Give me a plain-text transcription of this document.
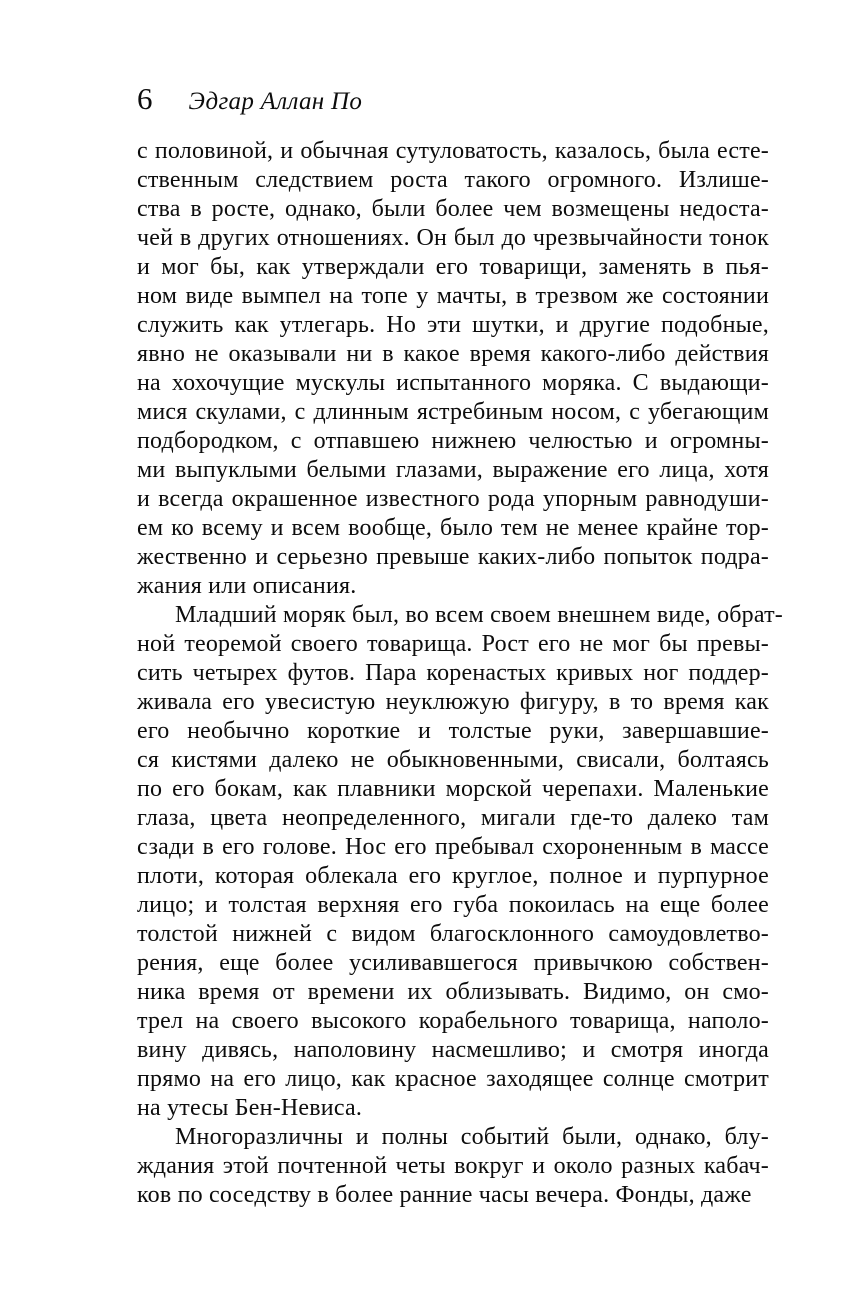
6 Эдгар Аллан По
с половиной, и обычная сутуловатость, казалось, была есте-
ственным следствием роста такого огромного. Излише-
ства в росте, однако, были более чем возмещены недоста-
чей в других отношениях. Он был до чрезвычайности тонок
и мог бы, как утверждали его товарищи, заменять в пья-
ном виде вымпел на топе у мачты, в трезвом же состоянии
служить как утлегарь. Но эти шутки, и другие подобные,
явно не оказывали ни в какое время какого-либо действия
на хохочущие мускулы испытанного моряка. С выдающи-
мися скулами, с длинным ястребиным носом, с убегающим
подбородком, с отпавшею нижнею челюстью и огромны-
ми выпуклыми белыми глазами, выражение его лица, хотя
и всегда окрашенное известного рода упорным равнодуши-
ем ко всему и всем вообще, было тем не менее крайне тор-
жественно и серьезно превыше каких-либо попыток подра-
жания или описания.
Младший моряк был, во всем своем внешнем виде, обрат-
ной теоремой своего товарища. Рост его не мог бы превы-
сить четырех футов. Пара коренастых кривых ног поддер-
живала его увесистую неуклюжую фигуру, в то время как
его необычно короткие и толстые руки, завершавшие-
ся кистями далеко не обыкновенными, свисали, болтаясь
по его бокам, как плавники морской черепахи. Маленькие
глаза, цвета неопределенного, мигали где-то далеко там
сзади в его голове. Нос его пребывал схороненным в массе
плоти, которая облекала его круглое, полное и пурпурное
лицо; и толстая верхняя его губа покоилась на еще более
толстой нижней с видом благосклонного самоудовлетво-
рения, еще более усиливавшегося привычкою собствен-
ника время от времени их облизывать. Видимо, он смо-
трел на своего высокого корабельного товарища, наполо-
вину дивясь, наполовину насмешливо; и смотря иногда
прямо на его лицо, как красное заходящее солнце смотрит
на утесы Бен-Невиса.
Многоразличны и полны событий были, однако, блу-
ждания этой почтенной четы вокруг и около разных кабач-
ков по соседству в более ранние часы вечера. Фонды, даже
